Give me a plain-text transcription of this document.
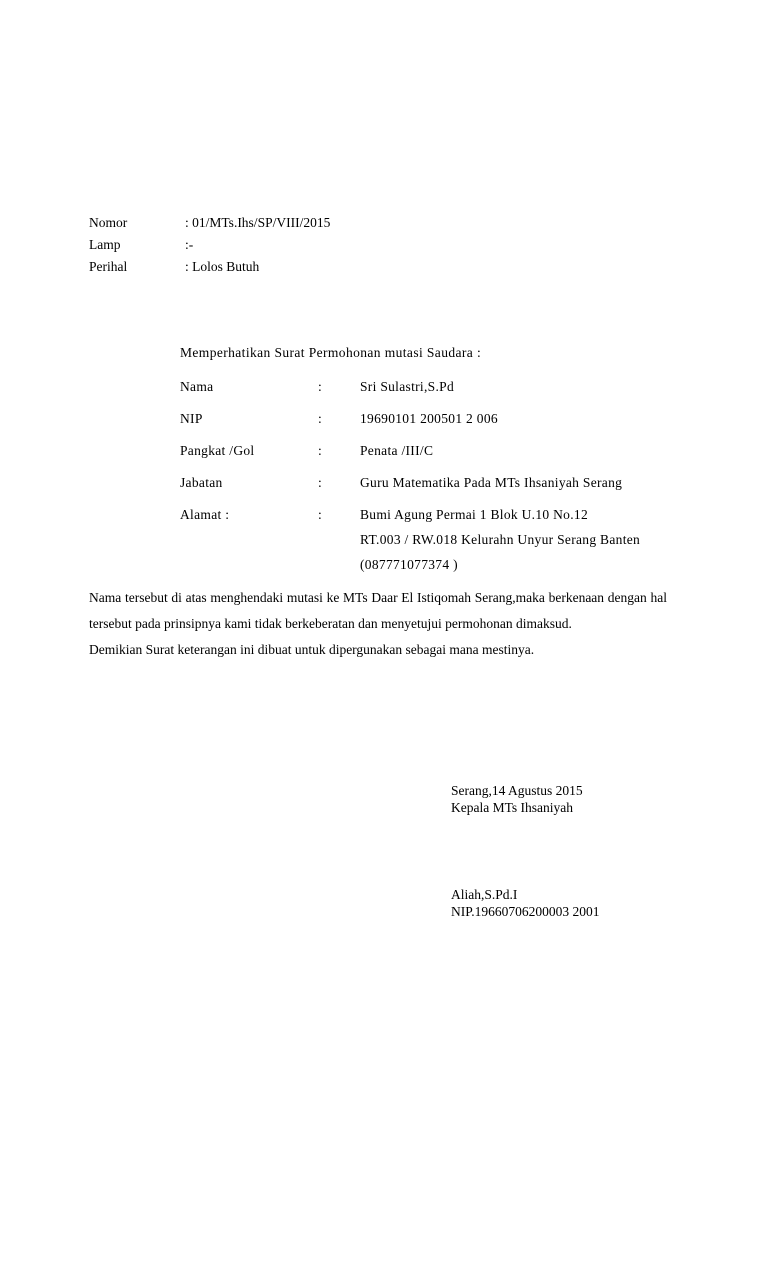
Nomor	: 01/MTs.Ihs/SP/VIII/2015
Lamp	:-
Perihal	: Lolos Butuh
Memperhatikan Surat Permohonan mutasi Saudara :
Nama	:	Sri Sulastri,S.Pd
NIP	:	19690101 200501 2 006
Pangkat /Gol	:	Penata /III/C
Jabatan	:	Guru Matematika Pada MTs Ihsaniyah Serang
Alamat :	:	Bumi Agung Permai 1 Blok U.10 No.12
		RT.003 / RW.018 Kelurahn Unyur Serang Banten
		(087771077374 )

Nama tersebut di atas menghendaki mutasi ke MTs Daar El Istiqomah Serang,maka berkenaan dengan hal tersebut pada prinsipnya kami tidak berkeberatan dan menyetujui permohonan dimaksud.

Demikian Surat keterangan ini dibuat untuk dipergunakan sebagai mana mestinya.

Serang,14 Agustus 2015
Kepala MTs Ihsaniyah
Aliah,S.Pd.I
NIP.19660706200003 2001
